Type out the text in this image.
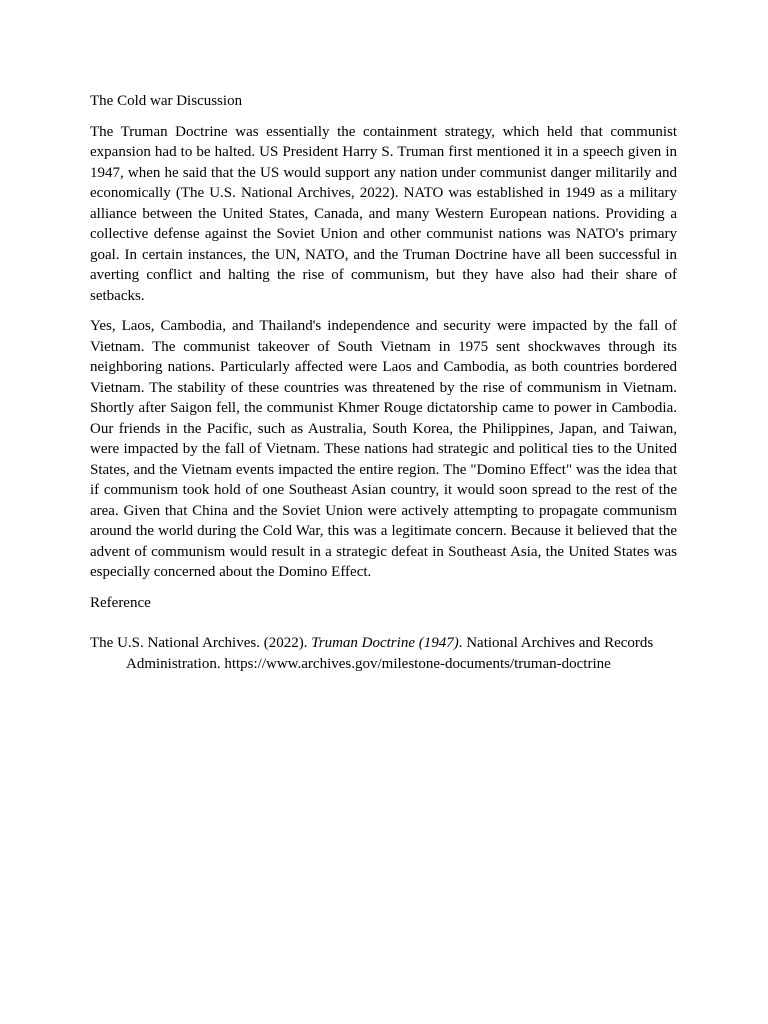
The Cold war Discussion

The Truman Doctrine was essentially the containment strategy, which held that communist expansion had to be halted. US President Harry S. Truman first mentioned it in a speech given in 1947, when he said that the US would support any nation under communist danger militarily and economically (The U.S. National Archives, 2022). NATO was established in 1949 as a military alliance between the United States, Canada, and many Western European nations. Providing a collective defense against the Soviet Union and other communist nations was NATO's primary goal. In certain instances, the UN, NATO, and the Truman Doctrine have all been successful in averting conflict and halting the rise of communism, but they have also had their share of setbacks.

Yes, Laos, Cambodia, and Thailand's independence and security were impacted by the fall of Vietnam. The communist takeover of South Vietnam in 1975 sent shockwaves through its neighboring nations. Particularly affected were Laos and Cambodia, as both countries bordered Vietnam. The stability of these countries was threatened by the rise of communism in Vietnam. Shortly after Saigon fell, the communist Khmer Rouge dictatorship came to power in Cambodia. Our friends in the Pacific, such as Australia, South Korea, the Philippines, Japan, and Taiwan, were impacted by the fall of Vietnam. These nations had strategic and political ties to the United States, and the Vietnam events impacted the entire region. The "Domino Effect" was the idea that if communism took hold of one Southeast Asian country, it would soon spread to the rest of the area. Given that China and the Soviet Union were actively attempting to propagate communism around the world during the Cold War, this was a legitimate concern. Because it believed that the advent of communism would result in a strategic defeat in Southeast Asia, the United States was especially concerned about the Domino Effect.

Reference

The U.S. National Archives. (2022). Truman Doctrine (1947). National Archives and Records Administration. https://www.archives.gov/milestone-documents/truman-doctrine
